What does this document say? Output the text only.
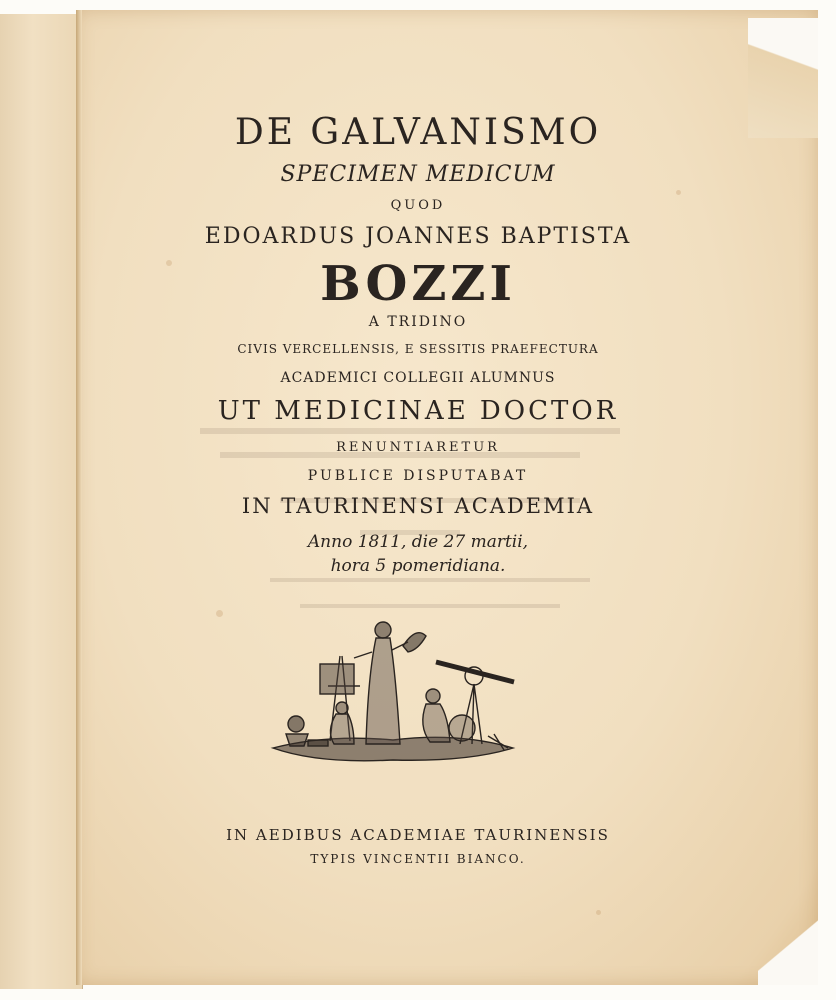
DE GALVANISMO
SPECIMEN MEDICUM
QUOD
EDOARDUS JOANNES BAPTISTA
BOZZI
A TRIDINO
CIVIS VERCELLENSIS, E SESSITIS PRAEFECTURA
ACADEMICI COLLEGII ALUMNUS
UT MEDICINAE DOCTOR
RENUNTIARETUR
PUBLICE DISPUTABAT
IN TAURINENSI ACADEMIA
Anno 1811, die 27 martii,
hora 5 pomeridiana.
IN AEDIBUS ACADEMIAE TAURINENSIS
TYPIS VINCENTII BIANCO.
